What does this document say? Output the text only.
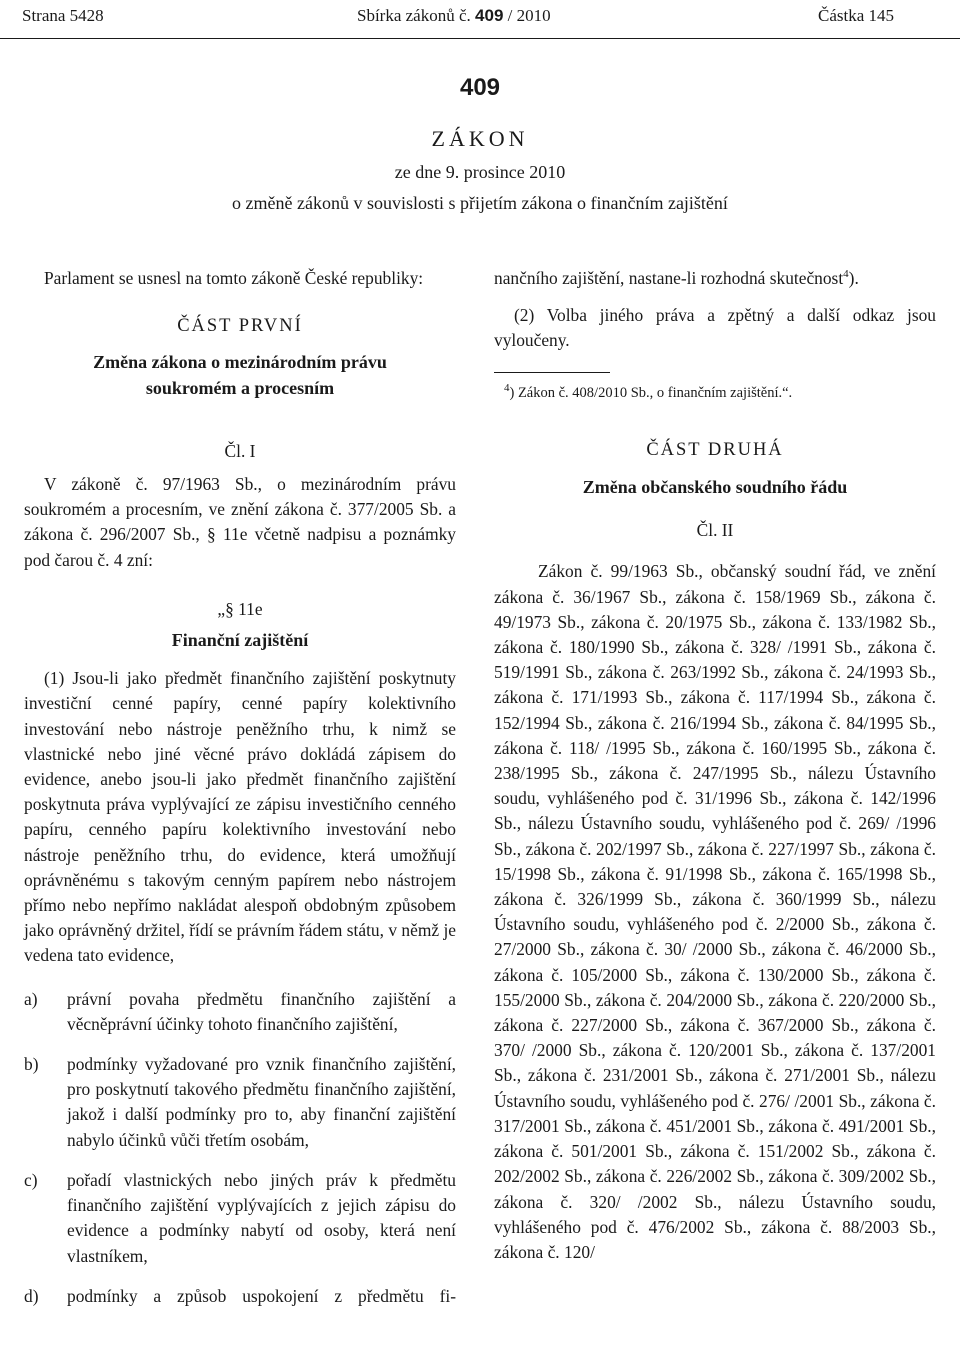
Strana 5428	Sbírka zákonů č. 409 / 2010	Částka 145
409
ZÁKON
ze dne 9. prosince 2010
o změně zákonů v souvislosti s přijetím zákona o finančním zajištění

Parlament se usnesl na tomto zákoně České republiky:

ČÁST PRVNÍ

Změna zákona o mezinárodním právu

soukromém a procesním

Čl. I

V zákoně č. 97/1963 Sb., o mezinárodním právu soukromém a procesním, ve znění zákona č. 377/2005 Sb. a zákona č. 296/2007 Sb., § 11e včetně nadpisu a poznámky pod čarou č. 4 zní:

„§ 11e

Finanční zajištění

(1) Jsou-li jako předmět finančního zajištění poskytnuty investiční cenné papíry, cenné papíry kolektivního investování nebo nástroje peněžního trhu, k nimž se vlastnické nebo jiné věcné právo dokládá zápisem do evidence, anebo jsou-li jako předmět finančního zajištění poskytnuta práva vyplývající ze zápisu investičního cenného papíru, cenného papíru kolektivního investování nebo nástroje peněžního trhu, do evidence, která umožňují oprávněnému s takovým cenným papírem nebo nástrojem přímo nebo nepřímo nakládat alespoň obdobným způsobem jako oprávněný držitel, řídí se právním řádem státu, v němž je vedena tato evidence,

a) právní povaha předmětu finančního zajištění a věcněprávní účinky tohoto finančního zajištění,

b) podmínky vyžadované pro vznik finančního zajištění, pro poskytnutí takového předmětu finančního zajištění, jakož i další podmínky pro to, aby finanční zajištění nabylo účinků vůči třetím osobám,

c) pořadí vlastnických nebo jiných práv k předmětu finančního zajištění vyplývajících z jejich zápisu do evidence a podmínky nabytí od osoby, která není vlastníkem,

d) podmínky a způsob uspokojení z předmětu fi-

nančního zajištění, nastane-li rozhodná skutečnost$^4$).

(2) Volba jiného práva a zpětný a další odkaz jsou vyloučeny.

$^4$) Zákon č. 408/2010 Sb., o finančním zajištění.“.

ČÁST DRUHÁ

Změna občanského soudního řádu

Čl. II

Zákon č. 99/1963 Sb., občanský soudní řád, ve znění zákona č. 36/1967 Sb., zákona č. 158/1969 Sb., zákona č. 49/1973 Sb., zákona č. 20/1975 Sb., zákona č. 133/1982 Sb., zákona č. 180/1990 Sb., zákona č. 328/ /1991 Sb., zákona č. 519/1991 Sb., zákona č. 263/1992 Sb., zákona č. 24/1993 Sb., zákona č. 171/1993 Sb., zákona č. 117/1994 Sb., zákona č. 152/1994 Sb., zákona č. 216/1994 Sb., zákona č. 84/1995 Sb., zákona č. 118/ /1995 Sb., zákona č. 160/1995 Sb., zákona č. 238/1995 Sb., zákona č. 247/1995 Sb., nálezu Ústavního soudu, vyhlášeného pod č. 31/1996 Sb., zákona č. 142/1996 Sb., nálezu Ústavního soudu, vyhlášeného pod č. 269/ /1996 Sb., zákona č. 202/1997 Sb., zákona č. 227/1997 Sb., zákona č. 15/1998 Sb., zákona č. 91/1998 Sb., zákona č. 165/1998 Sb., zákona č. 326/1999 Sb., zákona č. 360/1999 Sb., nálezu Ústavního soudu, vyhlášeného pod č. 2/2000 Sb., zákona č. 27/2000 Sb., zákona č. 30/ /2000 Sb., zákona č. 46/2000 Sb., zákona č. 105/2000 Sb., zákona č. 130/2000 Sb., zákona č. 155/2000 Sb., zákona č. 204/2000 Sb., zákona č. 220/2000 Sb., zákona č. 227/2000 Sb., zákona č. 367/2000 Sb., zákona č. 370/ /2000 Sb., zákona č. 120/2001 Sb., zákona č. 137/2001 Sb., zákona č. 231/2001 Sb., zákona č. 271/2001 Sb., nálezu Ústavního soudu, vyhlášeného pod č. 276/ /2001 Sb., zákona č. 317/2001 Sb., zákona č. 451/2001 Sb., zákona č. 491/2001 Sb., zákona č. 501/2001 Sb., zákona č. 151/2002 Sb., zákona č. 202/2002 Sb., zákona č. 226/2002 Sb., zákona č. 309/2002 Sb., zákona č. 320/ /2002 Sb., nálezu Ústavního soudu, vyhlášeného pod č. 476/2002 Sb., zákona č. 88/2003 Sb., zákona č. 120/
